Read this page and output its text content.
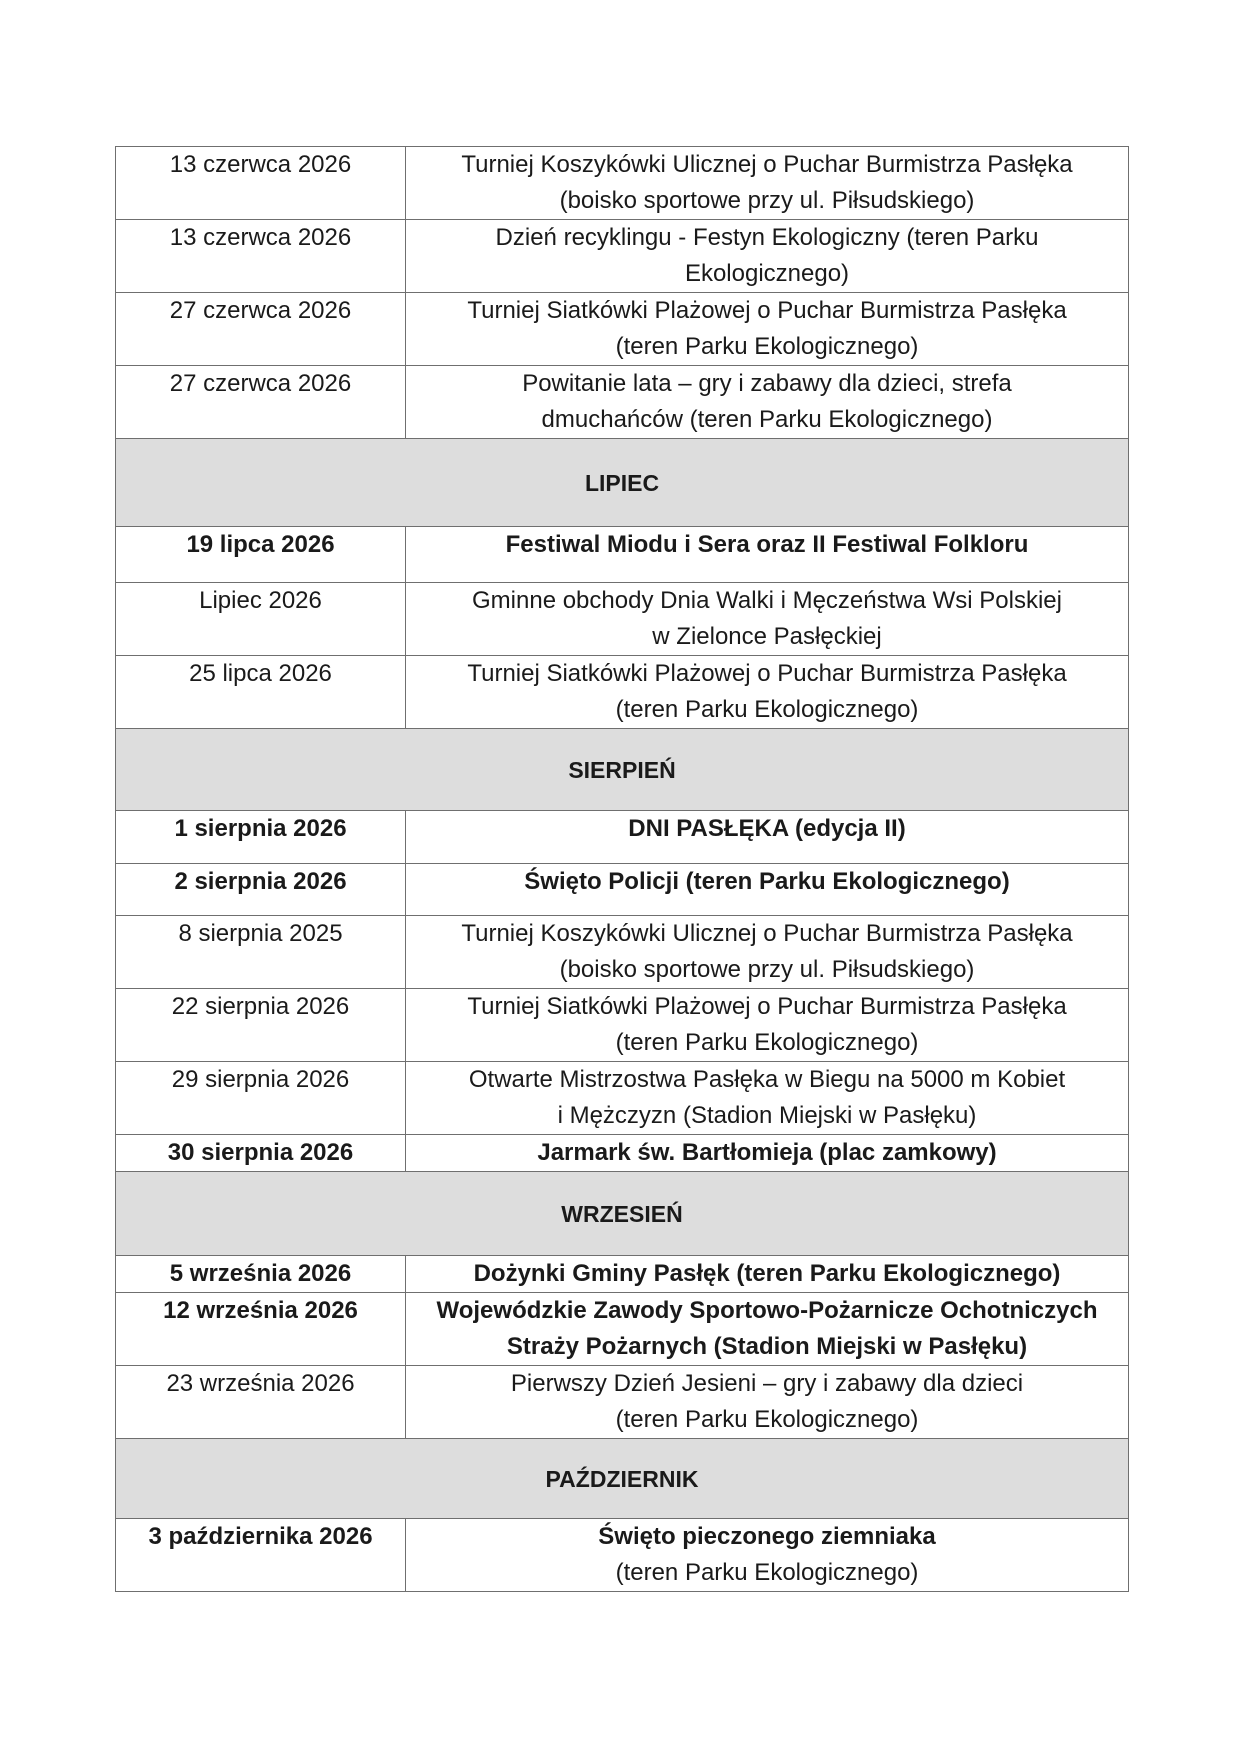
13 czerwca 2026	Turniej Koszykówki Ulicznej o Puchar Burmistrza Pasłęka
(boisko sportowe przy ul. Piłsudskiego)

13 czerwca 2026	Dzień recyklingu - Festyn Ekologiczny (teren Parku
Ekologicznego)

27 czerwca 2026	Turniej Siatkówki Plażowej o Puchar Burmistrza Pasłęka
(teren Parku Ekologicznego)

27 czerwca 2026	Powitanie lata – gry i zabawy dla dzieci, strefa
dmuchańców (teren Parku Ekologicznego)

LIPIEC	
19 lipca 2026	Festiwal Miodu i Sera oraz II Festiwal Folkloru

Lipiec 2026	Gminne obchody Dnia Walki i Męczeństwa Wsi Polskiej
w Zielonce Pasłęckiej

25 lipca 2026	Turniej Siatkówki Plażowej o Puchar Burmistrza Pasłęka
(teren Parku Ekologicznego)

SIERPIEŃ	
1 sierpnia 2026	DNI PASŁĘKA (edycja II)

2 sierpnia 2026	Święto Policji (teren Parku Ekologicznego)

8 sierpnia 2025	Turniej Koszykówki Ulicznej o Puchar Burmistrza Pasłęka
(boisko sportowe przy ul. Piłsudskiego)

22 sierpnia 2026	Turniej Siatkówki Plażowej o Puchar Burmistrza Pasłęka
(teren Parku Ekologicznego)

29 sierpnia 2026	Otwarte Mistrzostwa Pasłęka w Biegu na 5000 m Kobiet
i Mężczyzn (Stadion Miejski w Pasłęku)

30 sierpnia 2026	Jarmark św. Bartłomieja (plac zamkowy)

WRZESIEŃ	
5 września 2026	Dożynki Gminy Pasłęk (teren Parku Ekologicznego)

12 września 2026	Wojewódzkie Zawody Sportowo-Pożarnicze Ochotniczych
Straży Pożarnych (Stadion Miejski w Pasłęku)

23 września 2026	Pierwszy Dzień Jesieni – gry i zabawy dla dzieci
(teren Parku Ekologicznego)

PAŹDZIERNIK	
3 października 2026	Święto pieczonego ziemniaka
(teren Parku Ekologicznego)
